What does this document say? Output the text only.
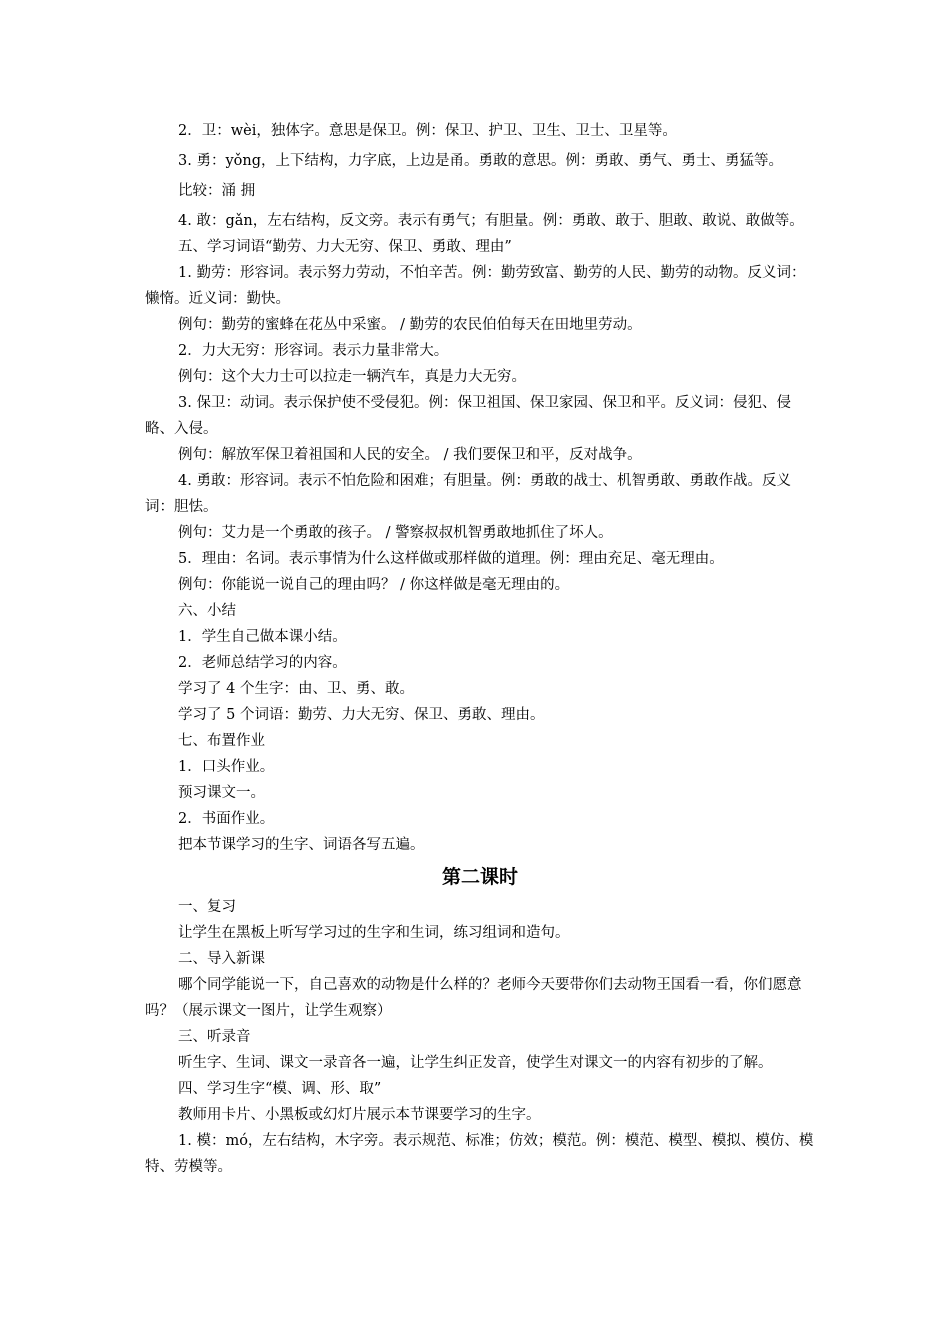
2．卫：wèi，独体字。意思是保卫。例：保卫、护卫、卫生、卫士、卫星等。

3. 勇：yǒng，上下结构，力字底，上边是甬。勇敢的意思。例：勇敢、勇气、勇士、勇猛等。

比较：涌 拥

4. 敢：gǎn，左右结构，反文旁。表示有勇气；有胆量。例：勇敢、敢于、胆敢、敢说、敢做等。

五、学习词语“勤劳、力大无穷、保卫、勇敢、理由”

1. 勤劳：形容词。表示努力劳动，不怕辛苦。例：勤劳致富、勤劳的人民、勤劳的动物。反义词：懒惰。近义词：勤快。

例句：勤劳的蜜蜂在花丛中采蜜。 / 勤劳的农民伯伯每天在田地里劳动。

2．力大无穷：形容词。表示力量非常大。

例句：这个大力士可以拉走一辆汽车，真是力大无穷。

3. 保卫：动词。表示保护使不受侵犯。例：保卫祖国、保卫家园、保卫和平。反义词：侵犯、侵略、入侵。

例句：解放军保卫着祖国和人民的安全。 / 我们要保卫和平，反对战争。

4. 勇敢：形容词。表示不怕危险和困难；有胆量。例：勇敢的战士、机智勇敢、勇敢作战。反义词：胆怯。

例句：艾力是一个勇敢的孩子。 / 警察叔叔机智勇敢地抓住了坏人。

5．理由：名词。表示事情为什么这样做或那样做的道理。例：理由充足、毫无理由。

例句：你能说一说自己的理由吗？ / 你这样做是毫无理由的。

六、小结

1．学生自己做本课小结。

2．老师总结学习的内容。

学习了 4 个生字：由、卫、勇、敢。

学习了 5 个词语：勤劳、力大无穷、保卫、勇敢、理由。

七、布置作业

1．口头作业。

预习课文一。

2．书面作业。

把本节课学习的生字、词语各写五遍。

第二课时

一、复习

让学生在黑板上听写学习过的生字和生词，练习组词和造句。

二、导入新课

哪个同学能说一下，自己喜欢的动物是什么样的？老师今天要带你们去动物王国看一看，你们愿意吗？（展示课文一图片，让学生观察）

三、听录音

听生字、生词、课文一录音各一遍，让学生纠正发音，使学生对课文一的内容有初步的了解。

四、学习生字“模、调、形、取”

教师用卡片、小黑板或幻灯片展示本节课要学习的生字。

1. 模：mó，左右结构，木字旁。表示规范、标准；仿效；模范。例：模范、模型、模拟、模仿、模特、劳模等。
